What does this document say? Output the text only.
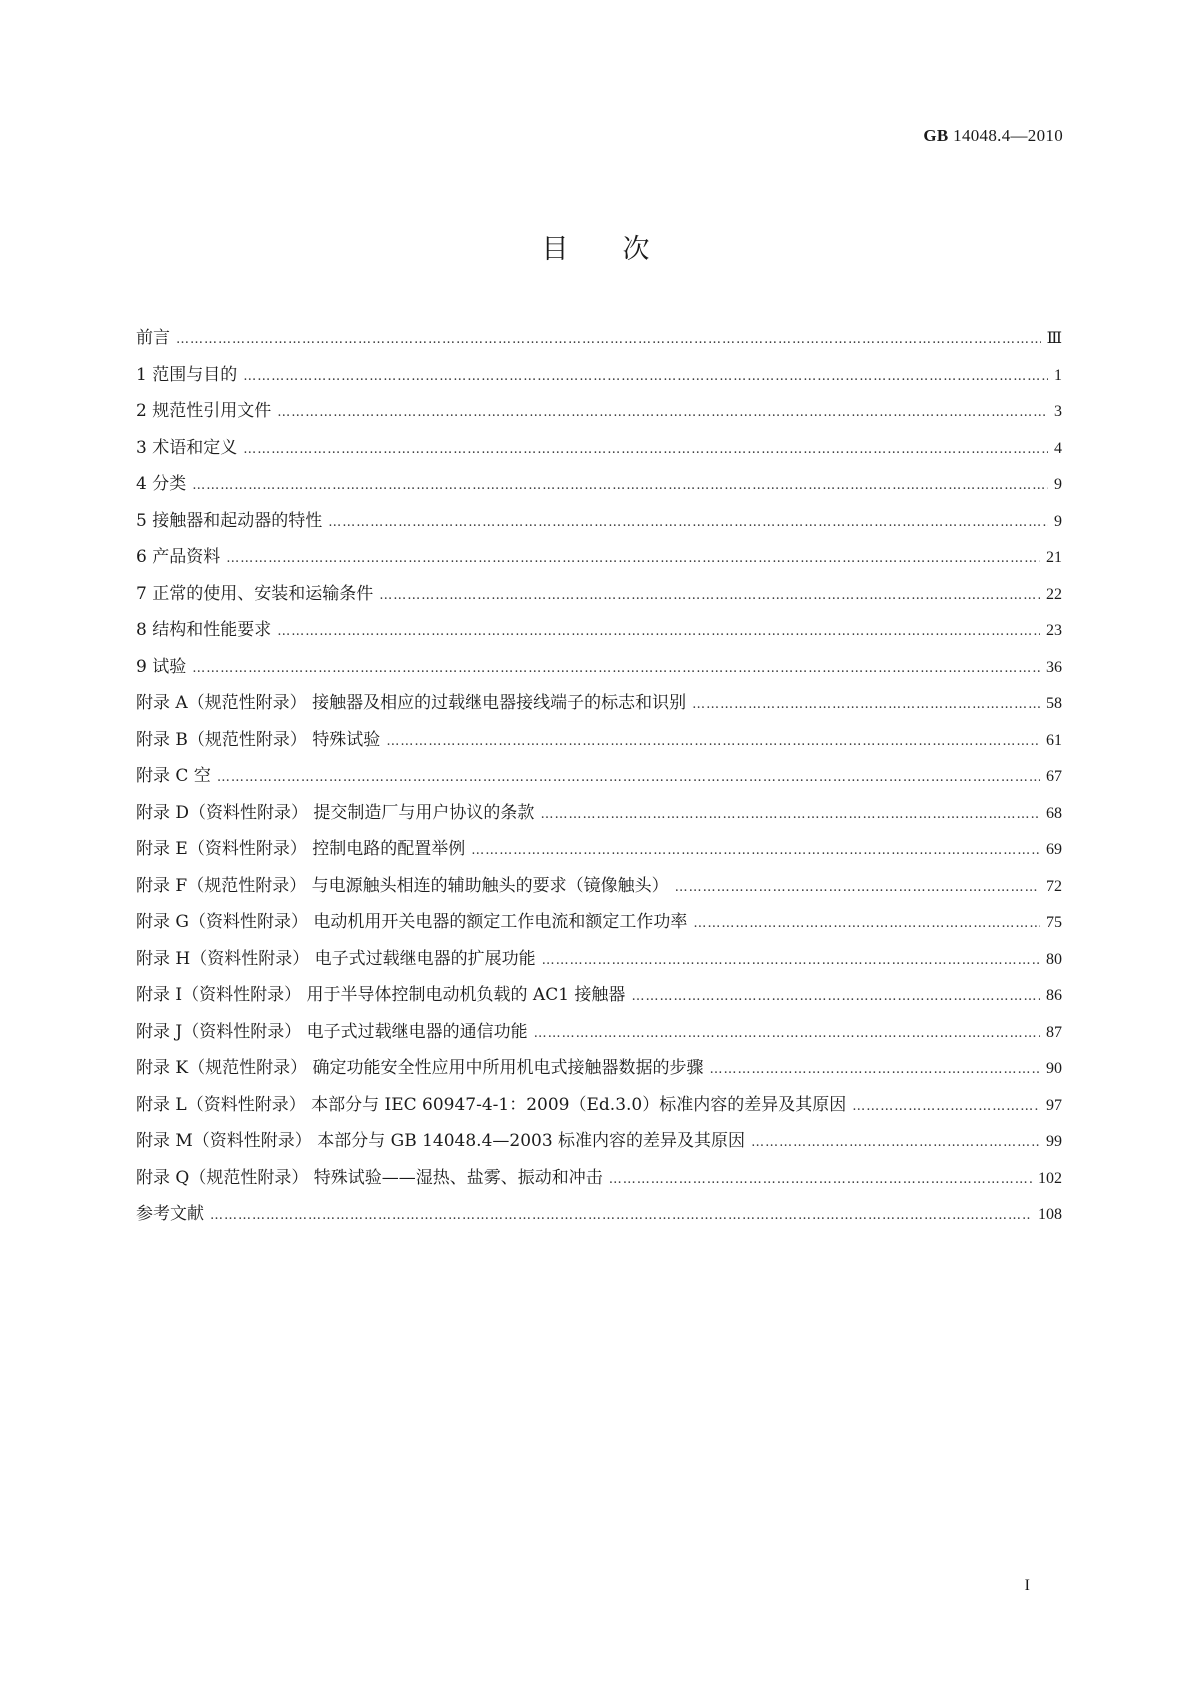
GB 14048.4—2010
目次
前言 ……………………………………………………………………………………………………………………………………………………………………………………………………………………	Ⅲ
1 范围与目的 ……………………………………………………………………………………………………………………………………………………………………………………………………………………	1
2 规范性引用文件 ……………………………………………………………………………………………………………………………………………………………………………………………………………………	3
3 术语和定义 ……………………………………………………………………………………………………………………………………………………………………………………………………………………	4
4 分类 ……………………………………………………………………………………………………………………………………………………………………………………………………………………	9
5 接触器和起动器的特性 ……………………………………………………………………………………………………………………………………………………………………………………………………………………	9
6 产品资料 ……………………………………………………………………………………………………………………………………………………………………………………………………………………	21
7 正常的使用、安装和运输条件 ……………………………………………………………………………………………………………………………………………………………………………………………………………………	22
8 结构和性能要求 ……………………………………………………………………………………………………………………………………………………………………………………………………………………	23
9 试验 ……………………………………………………………………………………………………………………………………………………………………………………………………………………	36
附录 A（规范性附录） 接触器及相应的过载继电器接线端子的标志和识别 ……………………………………………………………………………………………………………………………………………………………………………………………………………………	58
附录 B（规范性附录） 特殊试验 ……………………………………………………………………………………………………………………………………………………………………………………………………………………	61
附录 C 空 ……………………………………………………………………………………………………………………………………………………………………………………………………………………	67
附录 D（资料性附录） 提交制造厂与用户协议的条款 ……………………………………………………………………………………………………………………………………………………………………………………………………………………	68
附录 E（资料性附录） 控制电路的配置举例 ……………………………………………………………………………………………………………………………………………………………………………………………………………………	69
附录 F（规范性附录） 与电源触头相连的辅助触头的要求（镜像触头） ……………………………………………………………………………………………………………………………………………………………………………………………………………………	72
附录 G（资料性附录） 电动机用开关电器的额定工作电流和额定工作功率 ……………………………………………………………………………………………………………………………………………………………………………………………………………………	75
附录 H（资料性附录） 电子式过载继电器的扩展功能 ……………………………………………………………………………………………………………………………………………………………………………………………………………………	80
附录 I（资料性附录） 用于半导体控制电动机负载的 AC1 接触器 ……………………………………………………………………………………………………………………………………………………………………………………………………………………	86
附录 J（资料性附录） 电子式过载继电器的通信功能 ……………………………………………………………………………………………………………………………………………………………………………………………………………………	87
附录 K（规范性附录） 确定功能安全性应用中所用机电式接触器数据的步骤 ……………………………………………………………………………………………………………………………………………………………………………………………………………………	90
附录 L（资料性附录） 本部分与 IEC 60947-4-1：2009（Ed.3.0）标准内容的差异及其原因 ……………………………………………………………………………………………………………………………………………………………………………………………………………………	97
附录 M（资料性附录） 本部分与 GB 14048.4—2003 标准内容的差异及其原因 ……………………………………………………………………………………………………………………………………………………………………………………………………………………	99
附录 Q（规范性附录） 特殊试验——湿热、盐雾、振动和冲击 ……………………………………………………………………………………………………………………………………………………………………………………………………………………	102
参考文献 ……………………………………………………………………………………………………………………………………………………………………………………………………………………	108
I
